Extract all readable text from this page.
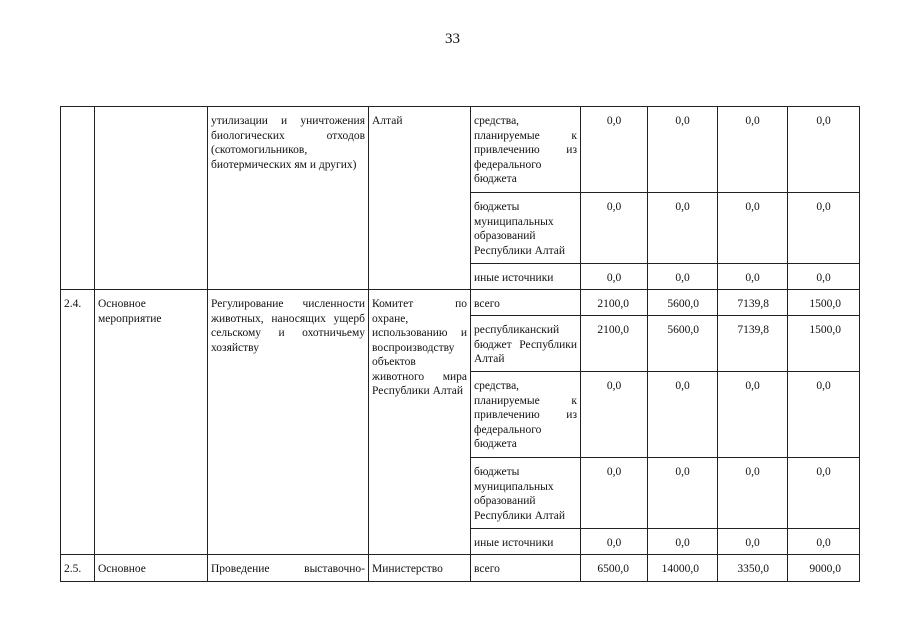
33
		утилизации и уничтожения биологических отходов (скотомогильников, биотермических ям и других)	Алтай	средства, планируемые к привлечению из федерального бюджета	0,0	0,0	0,0	0,0
				бюджеты муниципальных образований Республики Алтай	0,0	0,0	0,0	0,0
				иные источники	0,0	0,0	0,0	0,0
2.4.	Основное мероприятие	Регулирование численности животных, наносящих ущерб сельскому и охотничьему хозяйству	Комитет по охране, использованию и воспроизводству объектов животного мира Республики Алтай	всего	2100,0	5600,0	7139,8	1500,0
				республиканский бюджет Республики Алтай	2100,0	5600,0	7139,8	1500,0
				средства, планируемые к привлечению из федерального бюджета	0,0	0,0	0,0	0,0
				бюджеты муниципальных образований Республики Алтай	0,0	0,0	0,0	0,0
				иные источники	0,0	0,0	0,0	0,0
2.5.	Основное	Проведение выставочно-	Министерство	всего	6500,0	14000,0	3350,0	9000,0
